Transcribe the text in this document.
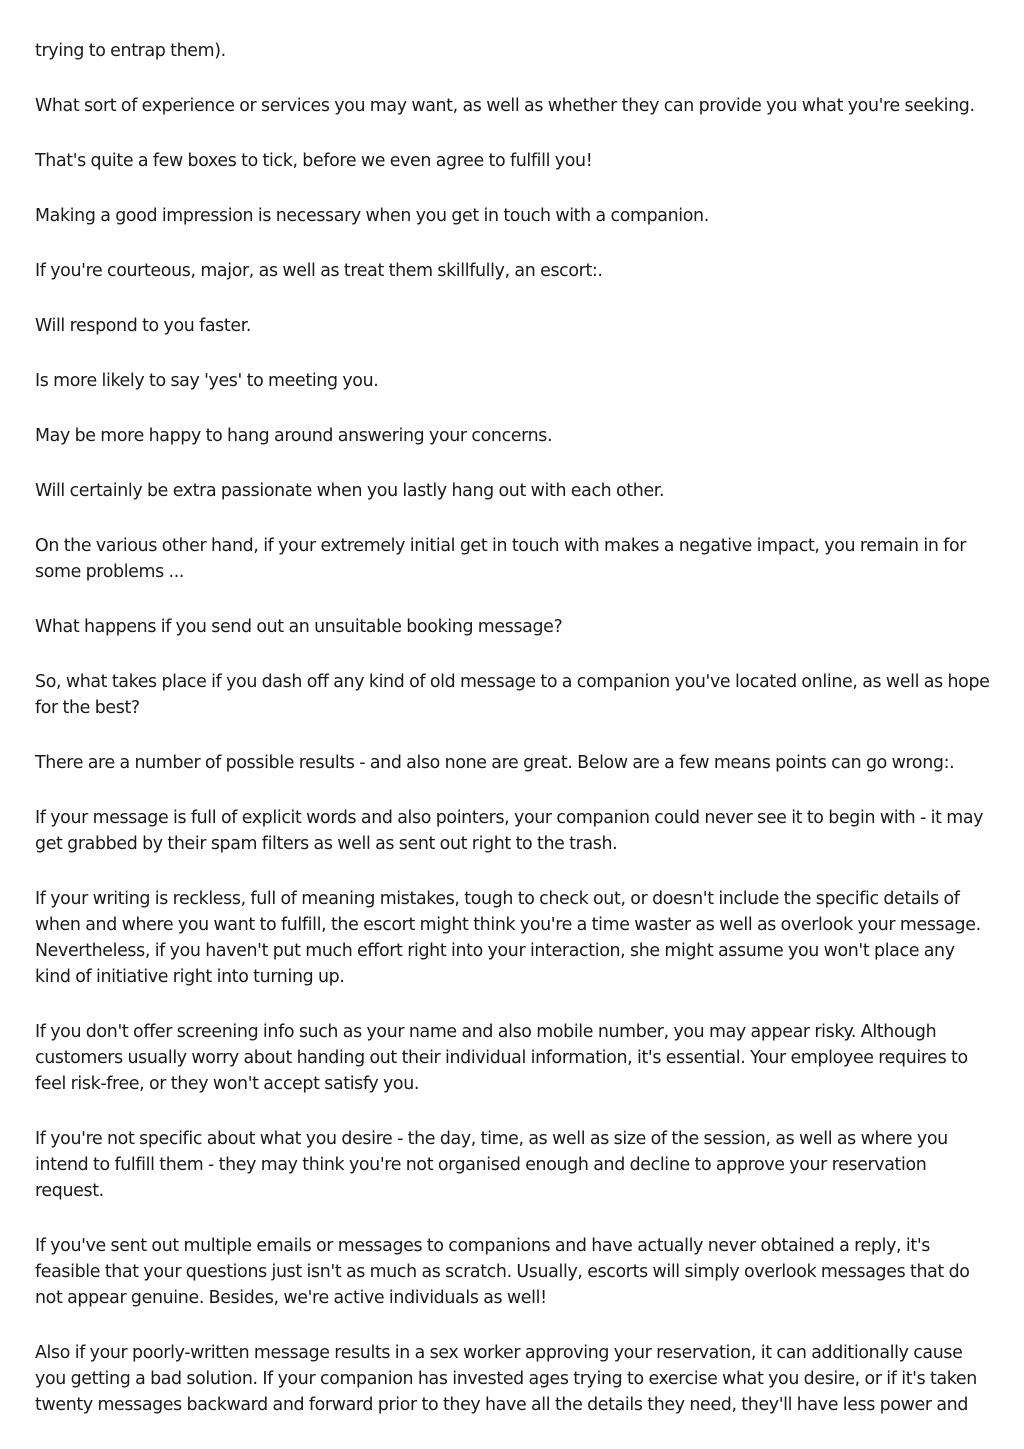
trying to entrap them).

What sort of experience or services you may want, as well as whether they can provide you what you're seeking.

That's quite a few boxes to tick, before we even agree to fulfill you!

Making a good impression is necessary when you get in touch with a companion.

If you're courteous, major, as well as treat them skillfully, an escort:.

Will respond to you faster.

Is more likely to say 'yes' to meeting you.

May be more happy to hang around answering your concerns.

Will certainly be extra passionate when you lastly hang out with each other.

On the various other hand, if your extremely initial get in touch with makes a negative impact, you remain in for some problems ...

What happens if you send out an unsuitable booking message?

So, what takes place if you dash off any kind of old message to a companion you've located online, as well as hope for the best?

There are a number of possible results - and also none are great. Below are a few means points can go wrong:.

If your message is full of explicit words and also pointers, your companion could never see it to begin with - it may get grabbed by their spam filters as well as sent out right to the trash.

If your writing is reckless, full of meaning mistakes, tough to check out, or doesn't include the specific details of when and where you want to fulfill, the escort might think you're a time waster as well as overlook your message. Nevertheless, if you haven't put much effort right into your interaction, she might assume you won't place any kind of initiative right into turning up.

If you don't offer screening info such as your name and also mobile number, you may appear risky. Although customers usually worry about handing out their individual information, it's essential. Your employee requires to feel risk-free, or they won't accept satisfy you.

If you're not specific about what you desire - the day, time, as well as size of the session, as well as where you intend to fulfill them - they may think you're not organised enough and decline to approve your reservation request.

If you've sent out multiple emails or messages to companions and have actually never obtained a reply, it's feasible that your questions just isn't as much as scratch. Usually, escorts will simply overlook messages that do not appear genuine. Besides, we're active individuals as well!

Also if your poorly-written message results in a sex worker approving your reservation, it can additionally cause you getting a bad solution. If your companion has invested ages trying to exercise what you desire, or if it's taken twenty messages backward and forward prior to they have all the details they need, they'll have less power and
